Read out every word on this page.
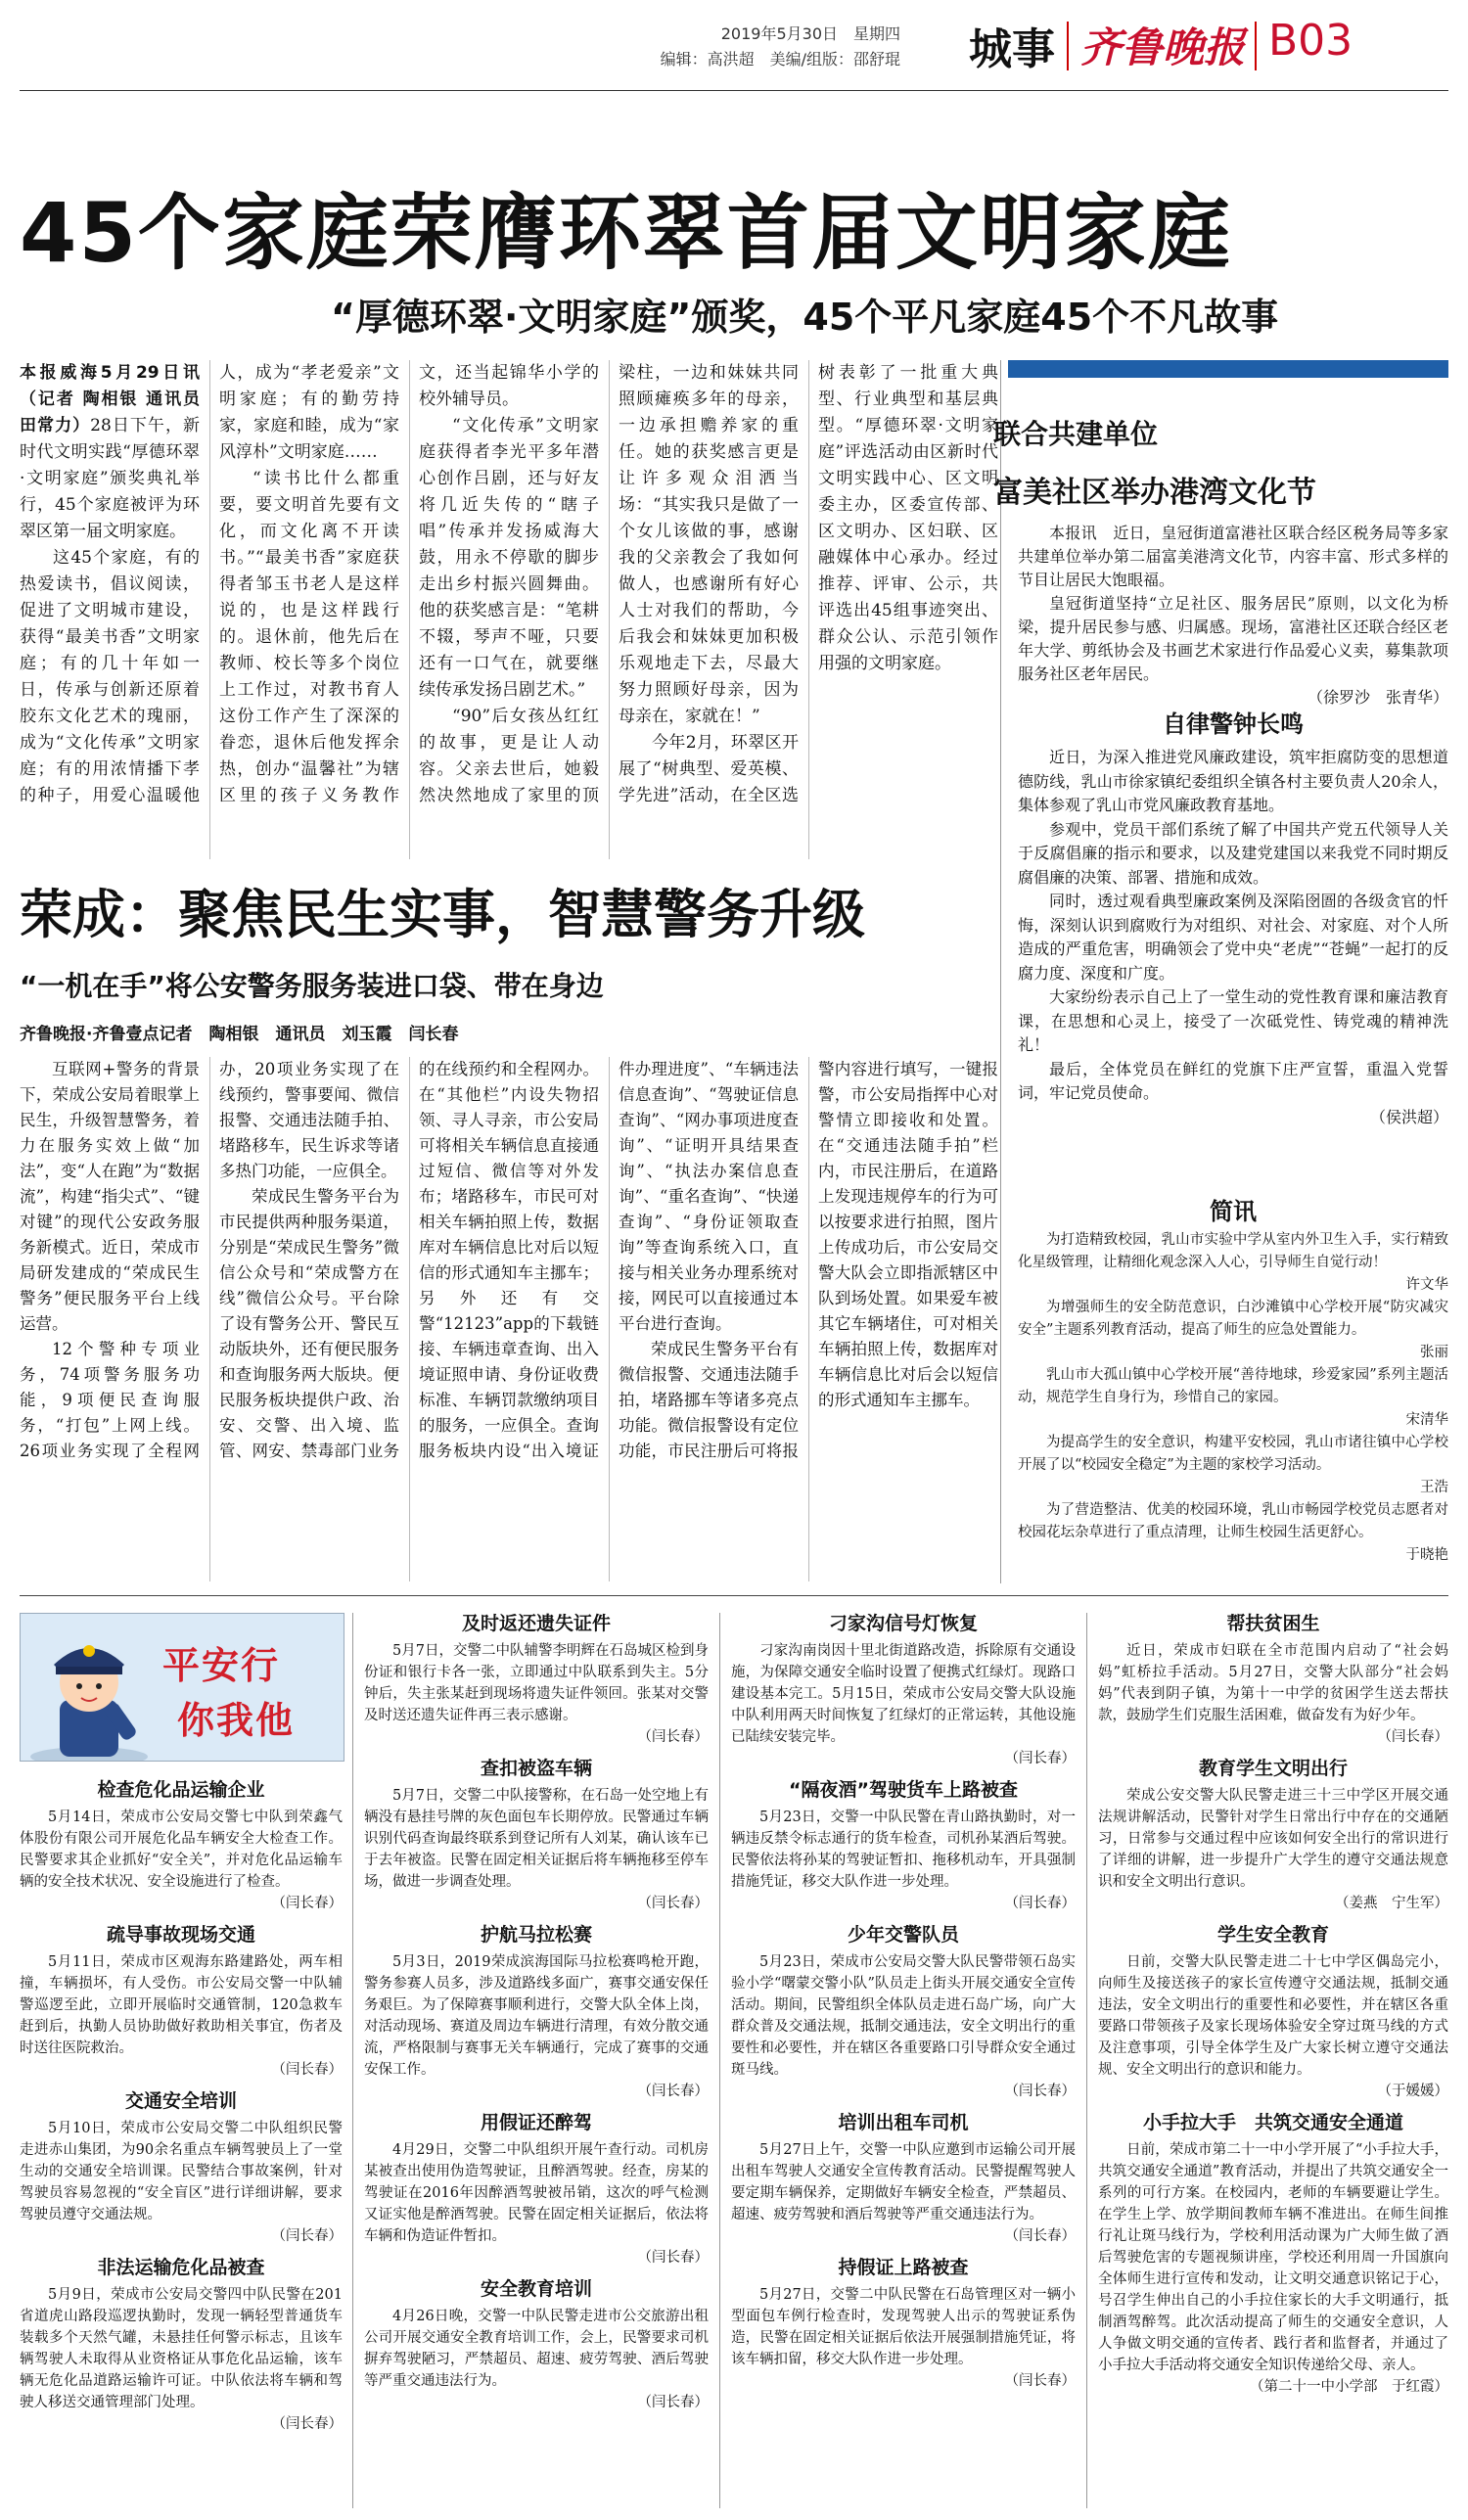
2019年5月30日　星期四
编辑：高洪超　美编/组版：邵舒琨 城事 齐鲁晚报 B03
45个家庭荣膺环翠首届文明家庭
“厚德环翠·文明家庭”颁奖，45个平凡家庭45个不凡故事

本报威海5月29日讯（记者 陶相银 通讯员 田常力）28日下午，新时代文明实践“厚德环翠·文明家庭”颁奖典礼举行，45个家庭被评为环翠区第一届文明家庭。

这45个家庭，有的热爱读书，倡议阅读，促进了文明城市建设，获得“最美书香”文明家庭；有的几十年如一日，传承与创新还原着胶东文化艺术的瑰丽，成为“文化传承”文明家庭；有的用浓情播下孝的种子，用爱心温暖他人，成为“孝老爱亲”文明家庭；有的勤劳持家，家庭和睦，成为“家风淳朴”文明家庭……

“读书比什么都重要，要文明首先要有文化，而文化离不开读书。”“最美书香”家庭获得者邹玉书老人是这样说的，也是这样践行的。退休前，他先后在教师、校长等多个岗位上工作过，对教书育人这份工作产生了深深的眷恋，退休后他发挥余热，创办“温馨社”为辖区里的孩子义务教作文，还当起锦华小学的校外辅导员。

“文化传承”文明家庭获得者李光平多年潜心创作吕剧，还与好友将几近失传的“瞎子唱”传承并发扬威海大鼓，用永不停歇的脚步走出乡村振兴圆舞曲。他的获奖感言是：“笔耕不辍，琴声不哑，只要还有一口气在，就要继续传承发扬吕剧艺术。”

“90”后女孩丛红红的故事，更是让人动容。父亲去世后，她毅然决然地成了家里的顶梁柱，一边和妹妹共同照顾瘫痪多年的母亲，一边承担赡养家的重任。她的获奖感言更是让许多观众泪洒当场：“其实我只是做了一个女儿该做的事，感谢我的父亲教会了我如何做人，也感谢所有好心人士对我们的帮助，今后我会和妹妹更加积极乐观地走下去，尽最大努力照顾好母亲，因为母亲在，家就在！”

今年2月，环翠区开展了“树典型、爱英模、学先进”活动，在全区选树表彰了一批重大典型、行业典型和基层典型。“厚德环翠·文明家庭”评选活动由区新时代文明实践中心、区文明委主办，区委宣传部、区文明办、区妇联、区融媒体中心承办。经过推荐、评审、公示，共评选出45组事迹突出、群众公认、示范引领作用强的文明家庭。

联合共建单位
富美社区举办港湾文化节

本报讯　近日，皇冠街道富港社区联合经区税务局等多家共建单位举办第二届富美港湾文化节，内容丰富、形式多样的节目让居民大饱眼福。

皇冠街道坚持“立足社区、服务居民”原则，以文化为桥梁，提升居民参与感、归属感。现场，富港社区还联合经区老年大学、剪纸协会及书画艺术家进行作品爱心义卖，募集款项服务社区老年居民。

（徐罗沙　张青华）

自律警钟长鸣

近日，为深入推进党风廉政建设，筑牢拒腐防变的思想道德防线，乳山市徐家镇纪委组织全镇各村主要负责人20余人，集体参观了乳山市党风廉政教育基地。

参观中，党员干部们系统了解了中国共产党五代领导人关于反腐倡廉的指示和要求，以及建党建国以来我党不同时期反腐倡廉的决策、部署、措施和成效。

同时，透过观看典型廉政案例及深陷囹圄的各级贪官的忏悔，深刻认识到腐败行为对组织、对社会、对家庭、对个人所造成的严重危害，明确领会了党中央“老虎”“苍蝇”一起打的反腐力度、深度和广度。

大家纷纷表示自己上了一堂生动的党性教育课和廉洁教育课，在思想和心灵上，接受了一次砥党性、铸党魂的精神洗礼！

最后，全体党员在鲜红的党旗下庄严宣誓，重温入党誓词，牢记党员使命。

（侯洪超）

简讯

为打造精致校园，乳山市实验中学从室内外卫生入手，实行精致化星级管理，让精细化观念深入人心，引导师生自觉行动！

许文华

为增强师生的安全防范意识，白沙滩镇中心学校开展“防灾减灾安全”主题系列教育活动，提高了师生的应急处置能力。

张丽

乳山市大孤山镇中心学校开展“善待地球，珍爱家园”系列主题活动，规范学生自身行为，珍惜自己的家园。

宋清华

为提高学生的安全意识，构建平安校园，乳山市诸往镇中心学校开展了以“校园安全稳定”为主题的家校学习活动。

王浩

为了营造整洁、优美的校园环境，乳山市畅园学校党员志愿者对校园花坛杂草进行了重点清理，让师生校园生活更舒心。

于晓艳

荣成：聚焦民生实事，智慧警务升级
“一机在手”将公安警务服务装进口袋、带在身边
齐鲁晚报·齐鲁壹点记者　陶相银　通讯员　刘玉霞　闫长春

互联网+警务的背景下，荣成公安局着眼掌上民生，升级智慧警务，着力在服务实效上做“加法”，变“人在跑”为“数据流”，构建“指尖式”、“键对键”的现代公安政务服务新模式。近日，荣成市局研发建成的“荣成民生警务”便民服务平台上线运营。

12个警种专项业务，74项警务服务功能，9项便民查询服务，“打包”上网上线。26项业务实现了全程网办，20项业务实现了在线预约，警事要闻、微信报警、交通违法随手拍、堵路移车，民生诉求等诸多热门功能，一应俱全。

荣成民生警务平台为市民提供两种服务渠道，分别是“荣成民生警务”微信公众号和“荣成警方在线”微信公众号。平台除了设有警务公开、警民互动版块外，还有便民服务和查询服务两大版块。便民服务板块提供户政、治安、交警、出入境、监管、网安、禁毒部门业务的在线预约和全程网办。在“其他栏”内设失物招领、寻人寻亲，市公安局可将相关车辆信息直接通过短信、微信等对外发布；堵路移车，市民可对相关车辆拍照上传，数据库对车辆信息比对后以短信的形式通知车主挪车；另外还有交警“12123”app的下载链接、车辆违章查询、出入境证照申请、身份证收费标准、车辆罚款缴纳项目的服务，一应俱全。查询服务板块内设“出入境证件办理进度”、“车辆违法信息查询”、“驾驶证信息查询”、“网办事项进度查询”、“证明开具结果查询”、“执法办案信息查询”、“重名查询”、“快递查询”、“身份证领取查询”等查询系统入口，直接与相关业务办理系统对接，网民可以直接通过本平台进行查询。

荣成民生警务平台有微信报警、交通违法随手拍，堵路挪车等诸多亮点功能。微信报警设有定位功能，市民注册后可将报警内容进行填写，一键报警，市公安局指挥中心对警情立即接收和处置。在“交通违法随手拍”栏内，市民注册后，在道路上发现违规停车的行为可以按要求进行拍照，图片上传成功后，市公安局交警大队会立即指派辖区中队到场处置。如果爱车被其它车辆堵住，可对相关车辆拍照上传，数据库对车辆信息比对后会以短信的形式通知车主挪车。

平安行
你我他
检查危化品运输企业

5月14日，荣成市公安局交警七中队到荣鑫气体股份有限公司开展危化品车辆安全大检查工作。民警要求其企业抓好“安全关”，并对危化品运输车辆的安全技术状况、安全设施进行了检查。

（闫长春）

疏导事故现场交通

5月11日，荣成市区观海东路建路处，两车相撞，车辆损坏，有人受伤。市公安局交警一中队辅警巡逻至此，立即开展临时交通管制，120急救车赶到后，执勤人员协助做好救助相关事宜，伤者及时送往医院救治。

（闫长春）

交通安全培训

5月10日，荣成市公安局交警二中队组织民警走进赤山集团，为90余名重点车辆驾驶员上了一堂生动的交通安全培训课。民警结合事故案例，针对驾驶员容易忽视的“安全盲区”进行详细讲解，要求驾驶员遵守交通法规。

（闫长春）

非法运输危化品被查

5月9日，荣成市公安局交警四中队民警在201省道虎山路段巡逻执勤时，发现一辆轻型普通货车装载多个天然气罐，未悬挂任何警示标志，且该车辆驾驶人未取得从业资格证从事危化品运输，该车辆无危化品道路运输许可证。中队依法将车辆和驾驶人移送交通管理部门处理。

（闫长春）

及时返还遗失证件

5月7日，交警二中队辅警李明辉在石岛城区检到身份证和银行卡各一张，立即通过中队联系到失主。5分钟后，失主张某赶到现场将遗失证件领回。张某对交警及时送还遗失证件再三表示感谢。

（闫长春）

查扣被盗车辆

5月7日，交警二中队接警称，在石岛一处空地上有辆没有悬挂号牌的灰色面包车长期停放。民警通过车辆识别代码查询最终联系到登记所有人刘某，确认该车已于去年被盗。民警在固定相关证据后将车辆拖移至停车场，做进一步调查处理。

（闫长春）

护航马拉松赛

5月3日，2019荣成滨海国际马拉松赛鸣枪开跑，警务参赛人员多，涉及道路线多面广，赛事交通安保任务艰巨。为了保障赛事顺利进行，交警大队全体上岗，对活动现场、赛道及周边车辆进行清理，有效分散交通流，严格限制与赛事无关车辆通行，完成了赛事的交通安保工作。

（闫长春）

用假证还醉驾

4月29日，交警二中队组织开展午查行动。司机房某被查出使用伪造驾驶证，且醉酒驾驶。经查，房某的驾驶证在2016年因醉酒驾驶被吊销，这次的呼气检测又证实他是醉酒驾驶。民警在固定相关证据后，依法将车辆和伪造证件暂扣。

（闫长春）

安全教育培训

4月26日晚，交警一中队民警走进市公交旅游出租公司开展交通安全教育培训工作，会上，民警要求司机摒弃驾驶陋习，严禁超员、超速、疲劳驾驶、酒后驾驶等严重交通违法行为。

（闫长春）

刁家沟信号灯恢复

刁家沟南岗因十里北街道路改造，拆除原有交通设施，为保障交通安全临时设置了便携式红绿灯。现路口建设基本完工。5月15日，荣成市公安局交警大队设施中队利用两天时间恢复了红绿灯的正常运转，其他设施已陆续安装完毕。

（闫长春）

“隔夜酒”驾驶货车上路被查

5月23日，交警一中队民警在青山路执勤时，对一辆违反禁令标志通行的货车检查，司机孙某酒后驾驶。民警依法将孙某的驾驶证暂扣、拖移机动车，开具强制措施凭证，移交大队作进一步处理。

（闫长春）

少年交警队员

5月23日，荣成市公安局交警大队民警带领石岛实验小学“曙蒙交警小队”队员走上街头开展交通安全宣传活动。期间，民警组织全体队员走进石岛广场，向广大群众普及交通法规，抵制交通违法，安全文明出行的重要性和必要性，并在辖区各重要路口引导群众安全通过斑马线。

（闫长春）

培训出租车司机

5月27日上午，交警一中队应邀到市运输公司开展出租车驾驶人交通安全宣传教育活动。民警提醒驾驶人要定期车辆保养，定期做好车辆安全检查，严禁超员、超速、疲劳驾驶和酒后驾驶等严重交通违法行为。

（闫长春）

持假证上路被查

5月27日，交警二中队民警在石岛管理区对一辆小型面包车例行检查时，发现驾驶人出示的驾驶证系伪造，民警在固定相关证据后依法开展强制措施凭证，将该车辆扣留，移交大队作进一步处理。

（闫长春）

帮扶贫困生

近日，荣成市妇联在全市范围内启动了“社会妈妈”虹桥拉手活动。5月27日，交警大队部分“社会妈妈”代表到阴子镇，为第十一中学的贫困学生送去帮扶款，鼓励学生们克服生活困难，做奋发有为好少年。

（闫长春）

教育学生文明出行

荣成公安交警大队民警走进三十三中学区开展交通法规讲解活动，民警针对学生日常出行中存在的交通陋习，日常参与交通过程中应该如何安全出行的常识进行了详细的讲解，进一步提升广大学生的遵守交通法规意识和安全文明出行意识。

（姜燕　宁生军）

学生安全教育

日前，交警大队民警走进二十七中学区偶岛完小，向师生及接送孩子的家长宣传遵守交通法规，抵制交通违法，安全文明出行的重要性和必要性，并在辖区各重要路口带领孩子及家长现场体验安全穿过斑马线的方式及注意事项，引导全体学生及广大家长树立遵守交通法规、安全文明出行的意识和能力。

（于媛媛）

小手拉大手　共筑交通安全通道

日前，荣成市第二十一中小学开展了“小手拉大手，共筑交通安全通道”教育活动，并提出了共筑交通安全一系列的可行方案。在校园内，老师的车辆要避让学生。在学生上学、放学期间教师车辆不准进出。在师生间推行礼让斑马线行为，学校利用活动课为广大师生做了酒后驾驶危害的专题视频讲座，学校还利用周一升国旗向全体师生进行宣传和发动，让文明交通意识铭记于心，号召学生伸出自己的小手拉住家长的大手文明通行，抵制酒驾醉驾。此次活动提高了师生的交通安全意识，人人争做文明交通的宣传者、践行者和监督者，并通过了小手拉大手活动将交通安全知识传递给父母、亲人。

（第二十一中小学部　于红霞）
